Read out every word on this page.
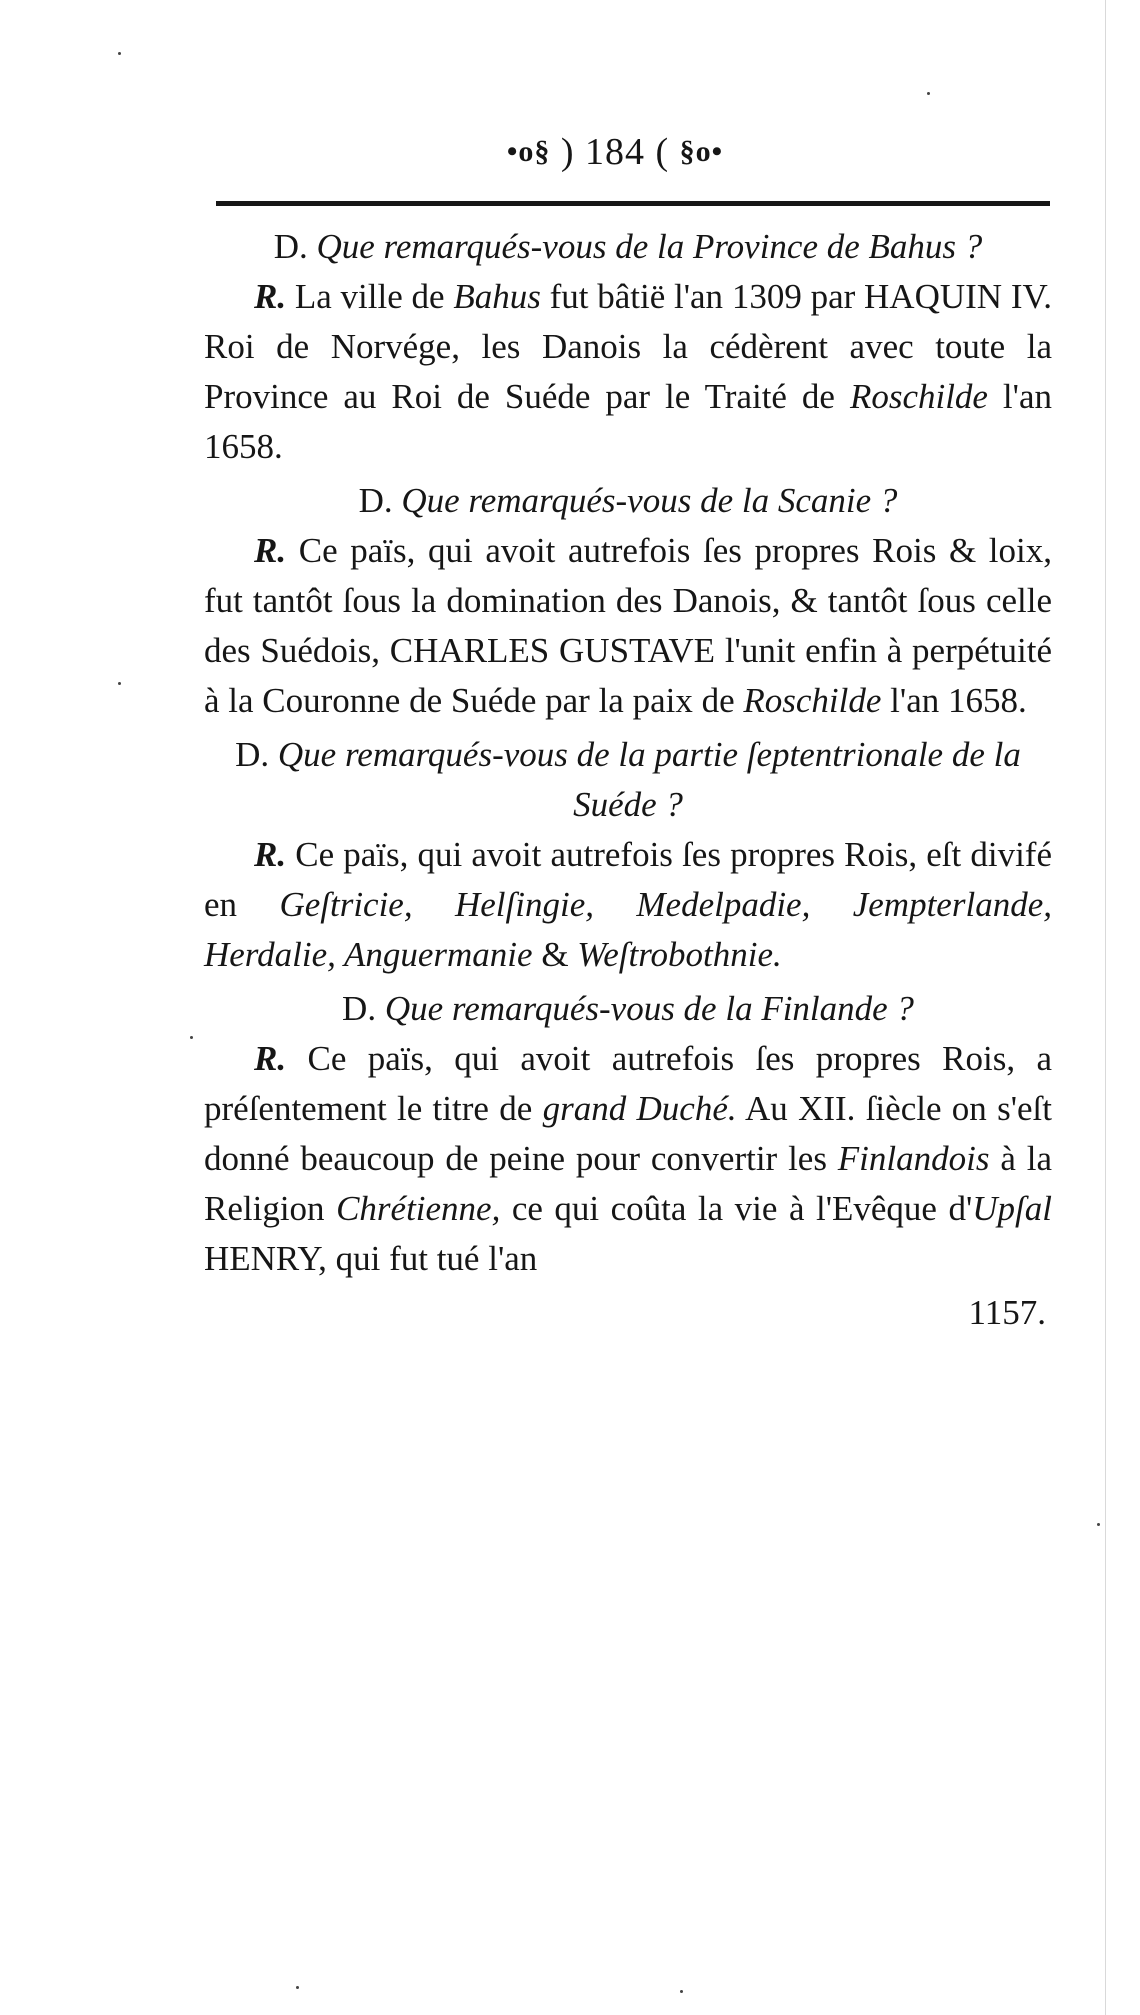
•o§ ) 184 ( §o•

D. Que remarqués-vous de la Province de Bahus ?

R. La ville de Bahus fut bâtië l'an 1309 par HAQUIN IV. Roi de Norvége, les Danois la cédèrent avec toute la Province au Roi de Suéde par le Traité de Roschilde l'an 1658.

D. Que remarqués-vous de la Scanie ?

R. Ce païs, qui avoit autrefois ſes propres Rois & loix, fut tantôt ſous la domination des Danois, & tantôt ſous celle des Suédois, CHARLES GUSTAVE l'unit enfin à perpétuité à la Couronne de Suéde par la paix de Roschilde l'an 1658.

D. Que remarqués-vous de la partie ſeptentrionale de la Suéde ?

R. Ce païs, qui avoit autrefois ſes propres Rois, eſt divifé en Geſtricie, Helſingie, Medelpadie, Jempterlande, Herdalie, Anguermanie & Weſtrobothnie.

D. Que remarqués-vous de la Finlande ?

R. Ce païs, qui avoit autrefois ſes propres Rois, a préſentement le titre de grand Duché. Au XII. ſiècle on s'eſt donné beaucoup de peine pour convertir les Finlandois à la Religion Chrétienne, ce qui coûta la vie à l'Evêque d'Upſal HENRY, qui fut tué l'an

1157.
